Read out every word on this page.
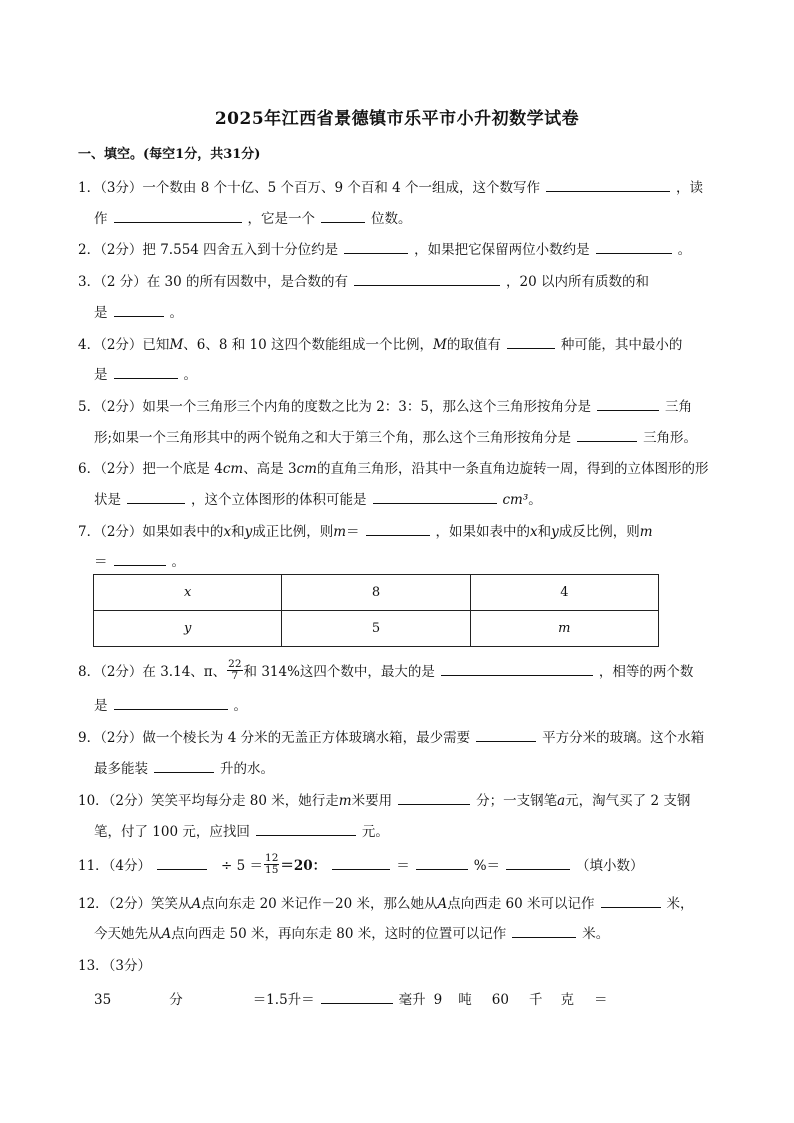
2025年江西省景德镇市乐平市小升初数学试卷
一、填空。(每空1分，共31分)
1．（3分）一个数由 8 个十亿、5 个百万、9 个百和 4 个一组成，这个数写作	，读
作	，它是一个	位数。
2．（2分）把 7.554 四舍五入到十分位约是	，如果把它保留两位小数约是	。
3．（2 分）在 30 的所有因数中，是合数的有	，20 以内所有质数的和
是	。
4．（2分）已知M、6、8 和 10 这四个数能组成一个比例，M的取值有	种可能，其中最小的
是	。
5．（2分）如果一个三角形三个内角的度数之比为 2：3：5，那么这个三角形按角分是	三角
形;如果一个三角形其中的两个锐角之和大于第三个角，那么这个三角形按角分是	三角形。
6．（2分）把一个底是 4cm、高是 3cm的直角三角形，沿其中一条直角边旋转一周，得到的立体图形的形
状是	，这个立体图形的体积可能是	cm³。
7．（2分）如果如表中的x和y成正比例，则m＝	，如果如表中的x和y成反比例，则m
＝	。
x	8	4
y	5	m
8．（2分）在 3.14、π、 $\frac{22}{7}$ 和 314%这四个数中，最大的是	，相等的两个数
是	。
9．（2分）做一个棱长为 4 分米的无盖正方体玻璃水箱，最少需要	平方分米的玻璃。这个水箱
最多能装	升的水。
10．（2分）笑笑平均每分走 80 米，她行走m米要用	分；一支钢笔a元，淘气买了 2 支钢
笔，付了 100 元，应找回	元。
11．（4分）	÷ $5 = \frac{12}{15} =20$：	＝	%＝	（填小数）
12．（2分）笑笑从A点向东走 20 米记作－20 米，那么她从A点向西走 60 米可以记作	米，
今天她先从A点向西走 50 米，再向东走 80 米，这时的位置可以记作	米。
13．（3分）
35	分	＝1.5升＝	毫升 9 吨 60 千 克 ＝
